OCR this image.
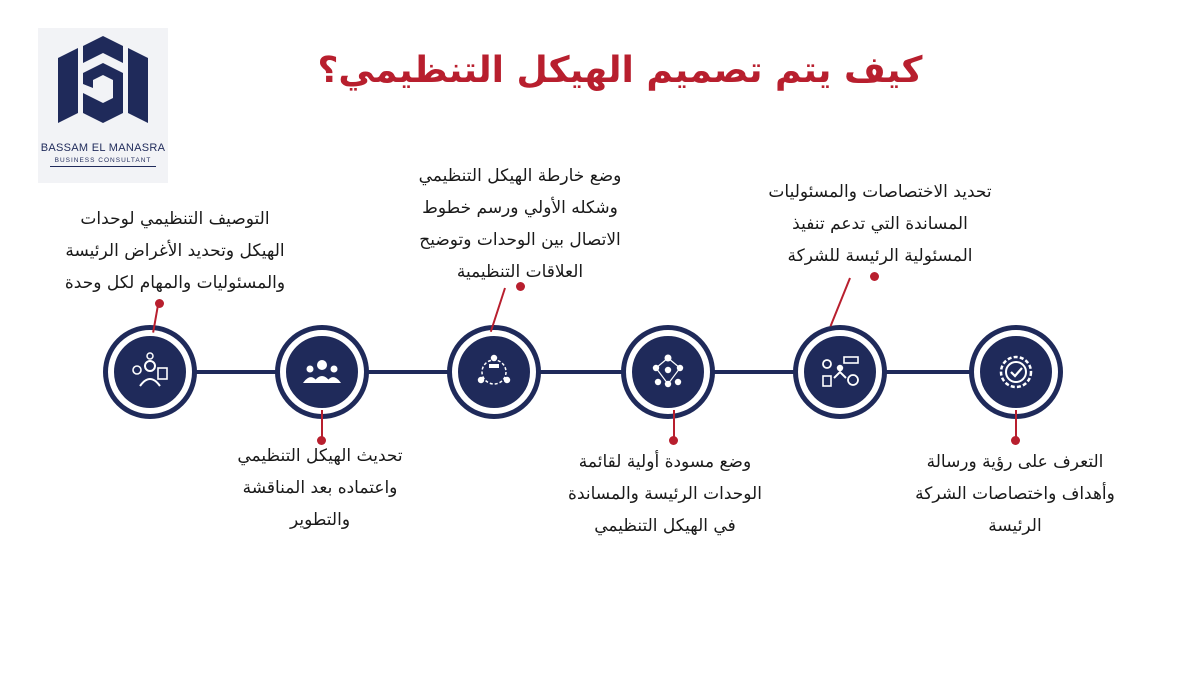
BASSAM EL MANASRA
BUSINESS CONSULTANT
كيف يتم تصميم الهيكل التنظيمي؟
التعرف على رؤية ورسالة
وأهداف واختصاصات الشركة
الرئيسة
تحديد الاختصاصات والمسئوليات
المساندة التي تدعم تنفيذ
المسئولية الرئيسة للشركة
وضع مسودة أولية لقائمة
الوحدات الرئيسة والمساندة
في الهيكل التنظيمي
وضع خارطة الهيكل التنظيمي
وشكله الأولي ورسم خطوط
الاتصال بين الوحدات وتوضيح
العلاقات التنظيمية
تحديث الهيكل التنظيمي
واعتماده بعد المناقشة
والتطوير
التوصيف التنظيمي لوحدات
الهيكل وتحديد الأغراض الرئيسة
والمسئوليات والمهام لكل وحدة
